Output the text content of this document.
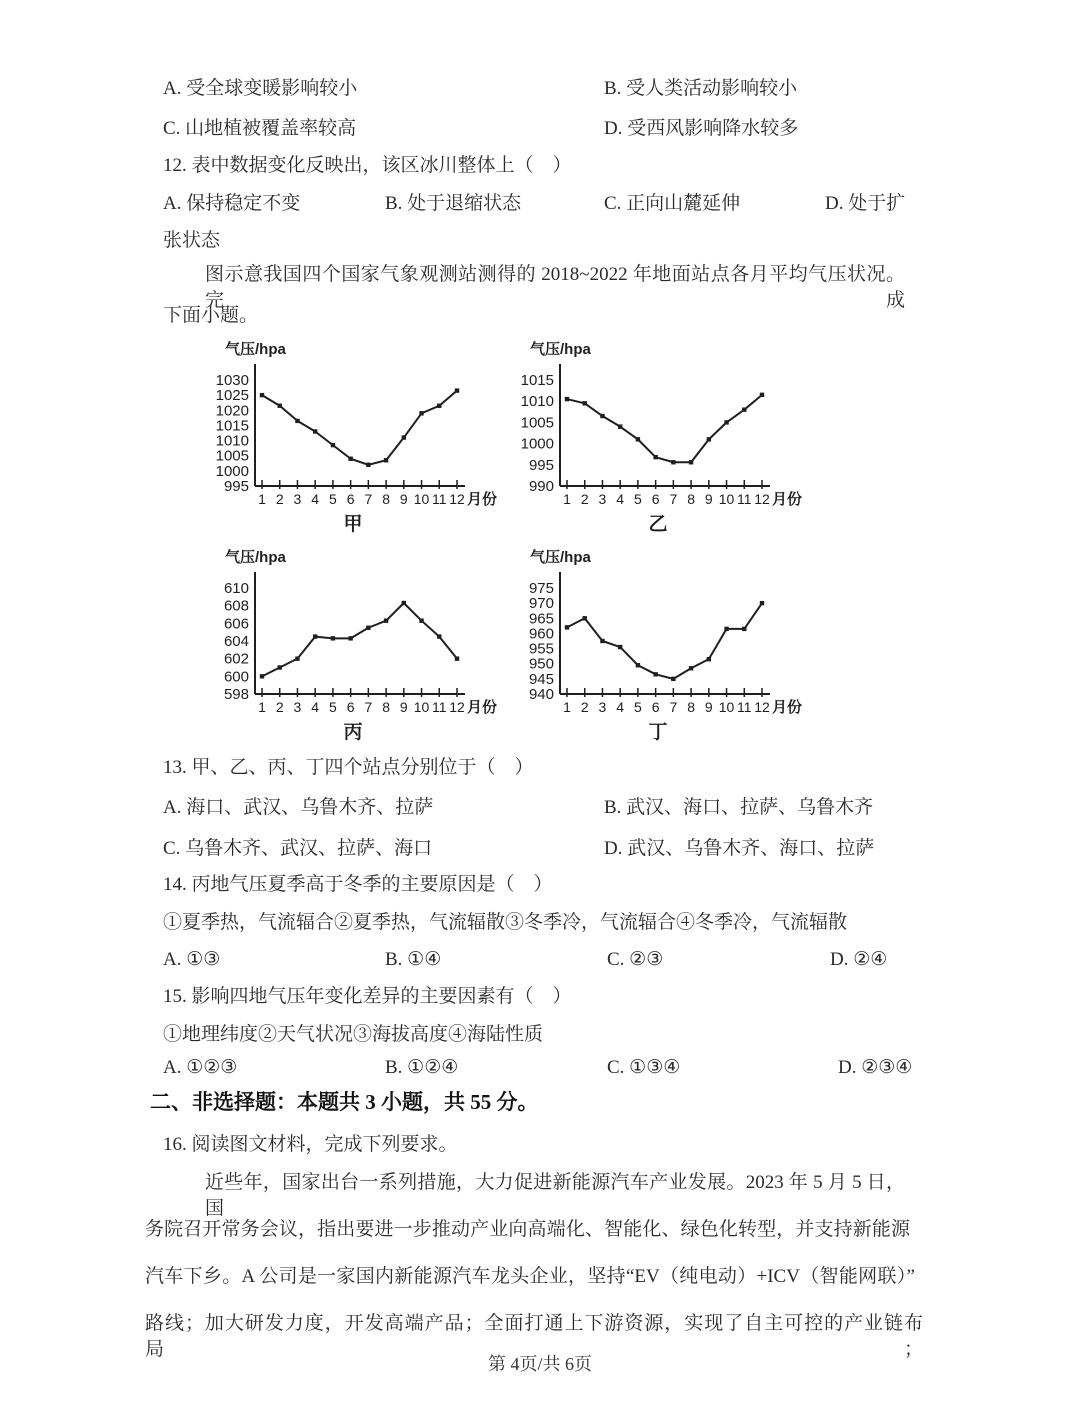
A. 受全球变暖影响较小	B. 受人类活动影响较小
C. 山地植被覆盖率较高	D. 受西风影响降水较多
12. 表中数据变化反映出，该区冰川整体上（　）
A. 保持稳定不变	B. 处于退缩状态	C. 正向山麓延伸	D. 处于扩
张状态
图示意我国四个国家气象观测站测得的 2018~2022 年地面站点各月平均气压状况。完成
下面小题。
气压/hpa
995
1000
1005
1010
1015
1020
1025
1030
1 2 3 4 5 6 7 8 9 10 11 12 月份
甲
气压/hpa
990
995
1000
1005
1010
1015
1 2 3 4 5 6 7 8 9 10 11 12 月份
乙
气压/hpa
598
600
602
604
606
608
610
1 2 3 4 5 6 7 8 9 10 11 12 月份
丙
气压/hpa
940
945
950
955
960
965
970
975
1 2 3 4 5 6 7 8 9 10 11 12 月份
丁
13. 甲、乙、丙、丁四个站点分别位于（　）
A. 海口、武汉、乌鲁木齐、拉萨	B. 武汉、海口、拉萨、乌鲁木齐
C. 乌鲁木齐、武汉、拉萨、海口	D. 武汉、乌鲁木齐、海口、拉萨
14. 丙地气压夏季高于冬季的主要原因是（　）
①夏季热，气流辐合②夏季热，气流辐散③冬季冷，气流辐合④冬季冷，气流辐散
A. ①③	B. ①④	C. ②③	D. ②④
15. 影响四地气压年变化差异的主要因素有（　）
①地理纬度②天气状况③海拔高度④海陆性质
A. ①②③	B. ①②④	C. ①③④	D. ②③④
二、非选择题：本题共 3 小题，共 55 分。
16. 阅读图文材料，完成下列要求。
近些年，国家出台一系列措施，大力促进新能源汽车产业发展。2023 年 5 月 5 日，国
务院召开常务会议，指出要进一步推动产业向高端化、智能化、绿色化转型，并支持新能源
汽车下乡。A 公司是一家国内新能源汽车龙头企业，坚持“EV（纯电动）+ICV（智能网联）”
路线；加大研发力度，开发高端产品；全面打通上下游资源，实现了自主可控的产业链布局；
第 4页/共 6页
